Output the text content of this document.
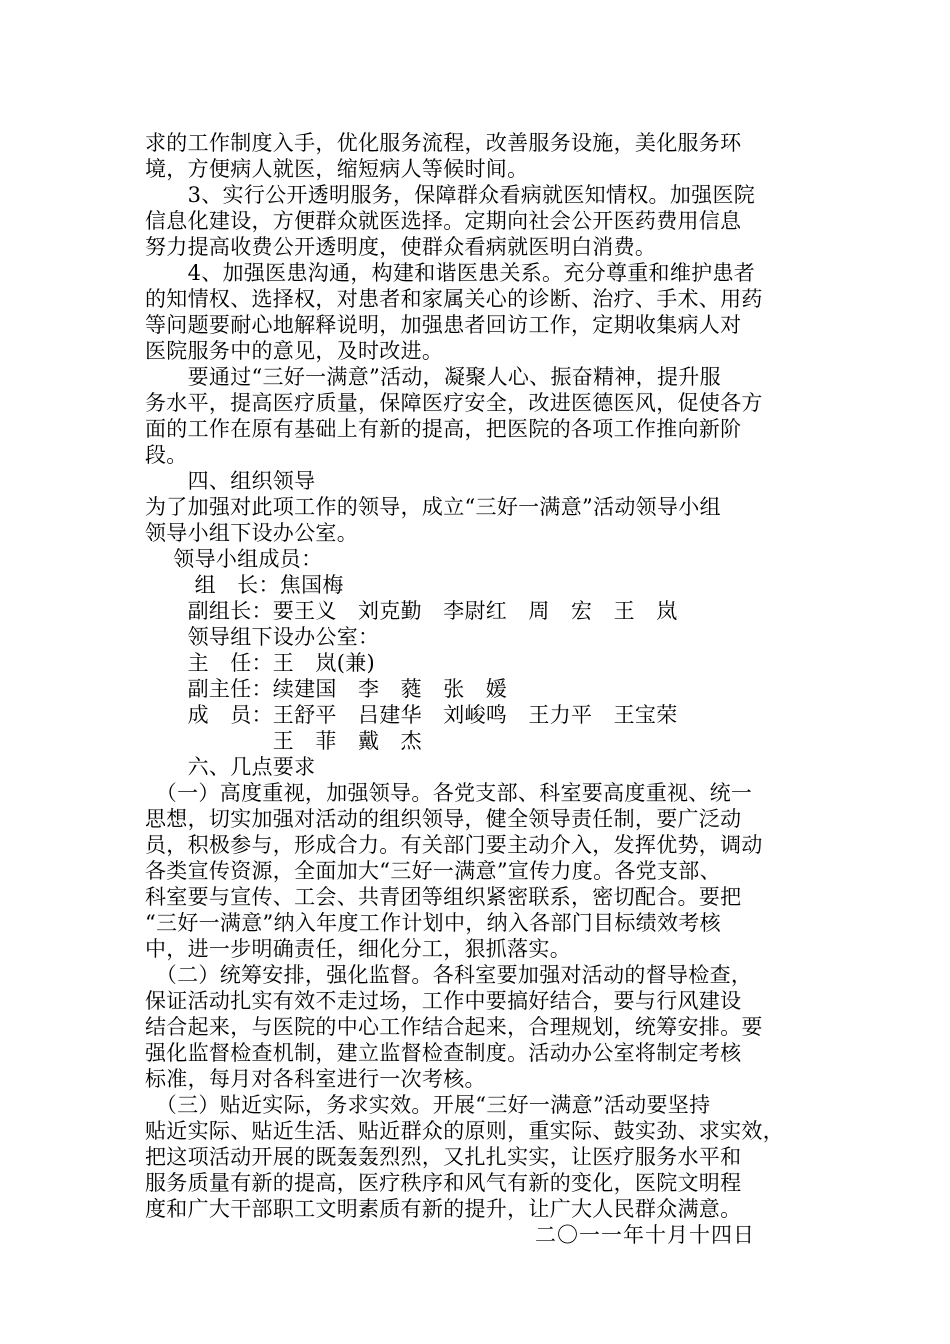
求的工作制度入手，优化服务流程，改善服务设施，美化服务环
境，方便病人就医，缩短病人等候时间。
　　3、实行公开透明服务，保障群众看病就医知情权。加强医院
信息化建设，方便群众就医选择。定期向社会公开医药费用信息
努力提高收费公开透明度，使群众看病就医明白消费。
　　4、加强医患沟通，构建和谐医患关系。充分尊重和维护患者
的知情权、选择权，对患者和家属关心的诊断、治疗、手术、用药
等问题要耐心地解释说明，加强患者回访工作，定期收集病人对
医院服务中的意见，及时改进。
　　要通过“三好一满意”活动，凝聚人心、振奋精神，提升服
务水平，提高医疗质量，保障医疗安全，改进医德医风，促使各方
面的工作在原有基础上有新的提高，把医院的各项工作推向新阶
段。
　　四、组织领导
为了加强对此项工作的领导，成立“三好一满意”活动领导小组
领导小组下设办公室。
　 领导小组成员：
　　 组　长：焦国梅
　　副组长：要王义　刘克勤　李尉红　周　宏　王　岚
　　领导组下设办公室：
　　主　任：王　岚(兼)
　　副主任：续建国　李　蕤　张　媛
　　成　员：王舒平　吕建华　刘峻鸣　王力平　王宝荣
　　　　　　王　菲　戴　杰
　　六、几点要求
　（一）高度重视，加强领导。各党支部、科室要高度重视、统一
思想，切实加强对活动的组织领导，健全领导责任制，要广泛动
员，积极参与，形成合力。有关部门要主动介入，发挥优势，调动
各类宣传资源，全面加大“三好一满意”宣传力度。各党支部、
科室要与宣传、工会、共青团等组织紧密联系，密切配合。要把
“三好一满意”纳入年度工作计划中，纳入各部门目标绩效考核
中，进一步明确责任，细化分工，狠抓落实。
　（二）统筹安排，强化监督。各科室要加强对活动的督导检查，
保证活动扎实有效不走过场，工作中要搞好结合，要与行风建设
结合起来，与医院的中心工作结合起来，合理规划，统筹安排。要
强化监督检查机制，建立监督检查制度。活动办公室将制定考核
标准，每月对各科室进行一次考核。
　（三）贴近实际，务求实效。开展“三好一满意”活动要坚持
贴近实际、贴近生活、贴近群众的原则，重实际、鼓实劲、求实效，
把这项活动开展的既轰轰烈烈，又扎扎实实，让医疗服务水平和
服务质量有新的提高，医疗秩序和风气有新的变化，医院文明程
度和广大干部职工文明素质有新的提升，让广大人民群众满意。
二〇一一年十月十四日
